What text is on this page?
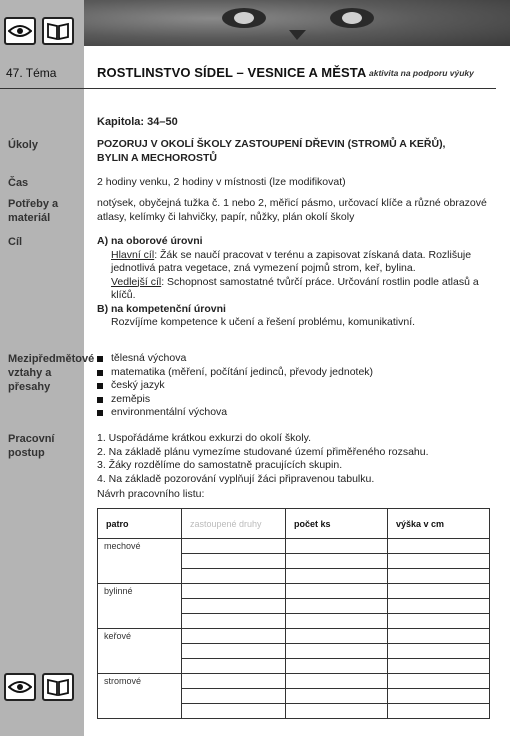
47. Téma	ROSTLINSTVO SÍDEL – VESNICE A MĚSTA aktivita na podporu výuky
Kapitola: 34–50
Úkoly	POZORUJ V OKOLÍ ŠKOLY ZASTOUPENÍ DŘEVIN (STROMŮ A KEŘŮ), BYLIN A MECHOROSTŮ
Čas	2 hodiny venku, 2 hodiny v místnosti (lze modifikovat)
Potřeby a materiál
notýsek, obyčejná tužka č. 1 nebo 2, měřicí pásmo, určovací klíče a různé obrazové atlasy, kelímky či lahvičky, papír, nůžky, plán okolí školy
Cíl	A) na oborové úrovni
Hlavní cíl: Žák se naučí pracovat v terénu a zapisovat získaná data. Rozlišuje jednotlivá patra vegetace, zná vymezení pojmů strom, keř, bylina.
Vedlejší cíl: Schopnost samostatné tvůrčí práce. Určování rostlin podle atlasů a klíčů.
B) na kompetenční úrovni
Rozvíjíme kompetence k učení a řešení problému, komunikativní.
Mezipředmětové vztahy a přesahy
tělesná výchova
matematika (měření, počítání jedinců, převody jednotek)
český jazyk
zeměpis
environmentální výchova
Pracovní postup
1. Uspořádáme krátkou exkurzi do okolí školy.
2. Na základě plánu vymezíme studované území přiměřeného rozsahu.
3. Žáky rozdělíme do samostatně pracujících skupin.
4. Na základě pozorování vyplňují žáci připravenou tabulku.
Návrh pracovního listu:
patro	zastoupené druhy	počet ks	výška v cm
mechové			

bylinné			

keřové			

stromové			
